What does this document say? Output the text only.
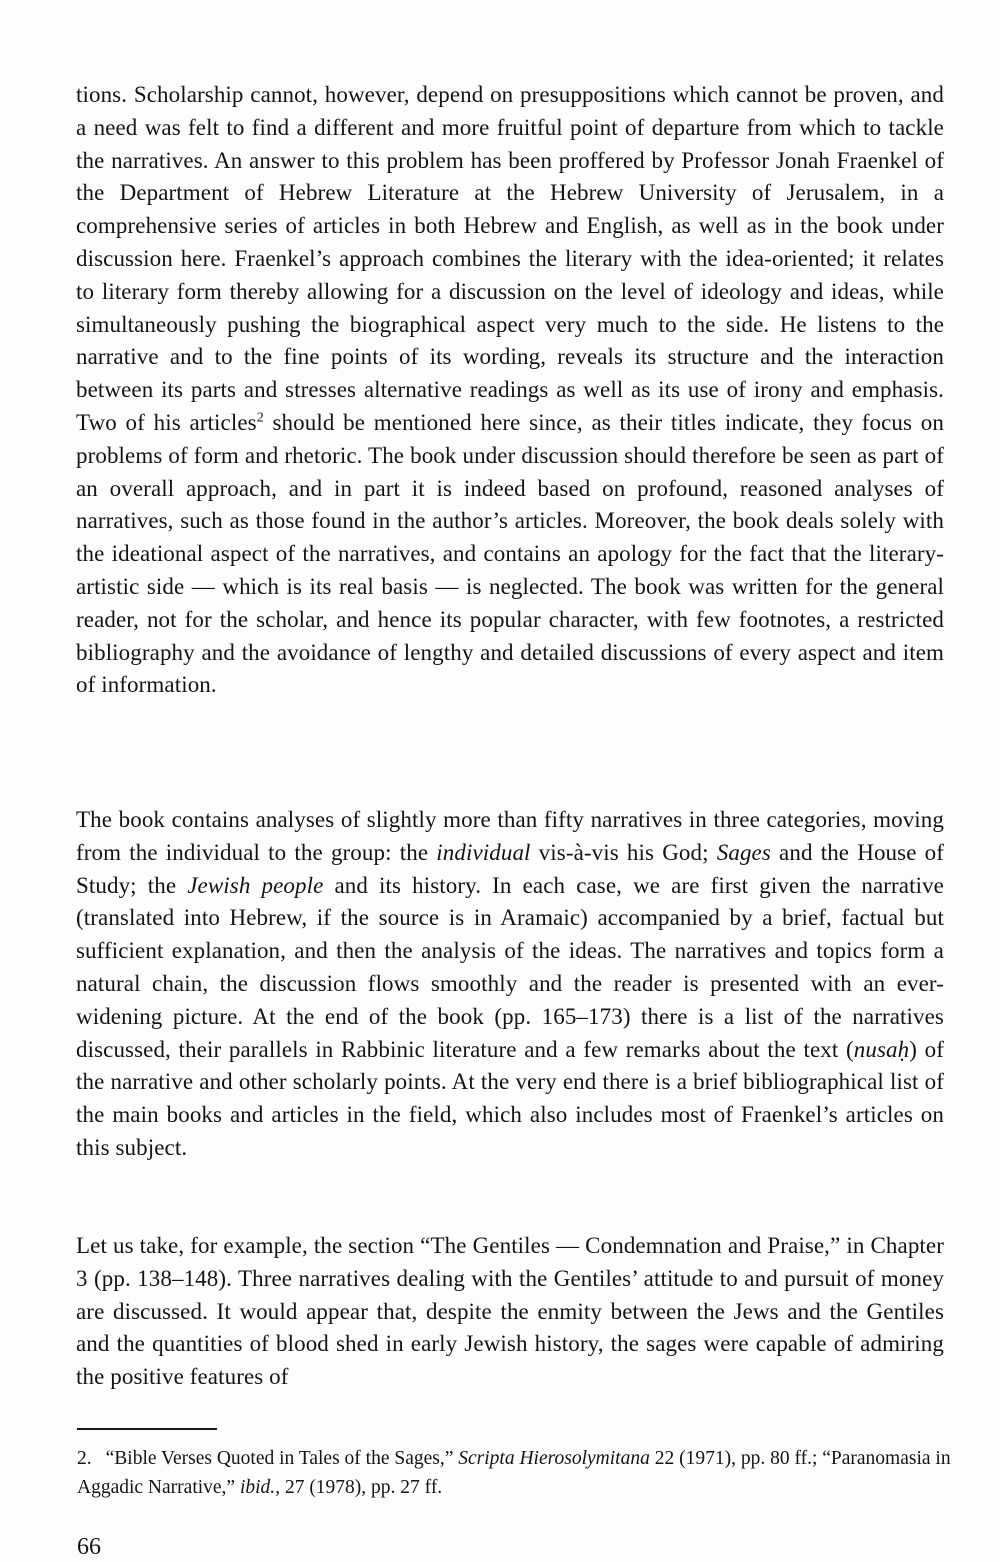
tions. Scholarship cannot, however, depend on presuppositions which cannot be proven, and a need was felt to find a different and more fruitful point of departure from which to tackle the narratives. An answer to this problem has been proffered by Professor Jonah Fraenkel of the Department of Hebrew Literature at the Hebrew University of Jerusalem, in a comprehensive series of articles in both Hebrew and English, as well as in the book under discussion here. Fraenkel’s approach combines the literary with the idea-oriented; it relates to literary form thereby allowing for a discussion on the level of ideology and ideas, while simultaneously pushing the biographical aspect very much to the side. He listens to the narrative and to the fine points of its wording, reveals its structure and the interaction between its parts and stresses alternative readings as well as its use of irony and emphasis. Two of his articles$^2$ should be mentioned here since, as their titles indicate, they focus on problems of form and rhetoric. The book under discussion should therefore be seen as part of an overall approach, and in part it is indeed based on profound, reasoned analyses of narratives, such as those found in the author’s articles. Moreover, the book deals solely with the ideational aspect of the narratives, and contains an apology for the fact that the literary-artistic side — which is its real basis — is neglected. The book was written for the general reader, not for the scholar, and hence its popular character, with few footnotes, a restricted bibliography and the avoidance of lengthy and detailed discussions of every aspect and item of information.

The book contains analyses of slightly more than fifty narratives in three categories, moving from the individual to the group: the individual vis-à-vis his God; Sages and the House of Study; the Jewish people and its history. In each case, we are first given the narrative (translated into Hebrew, if the source is in Aramaic) accompanied by a brief, factual but sufficient explanation, and then the analysis of the ideas. The narratives and topics form a natural chain, the discussion flows smoothly and the reader is presented with an ever-widening picture. At the end of the book (pp. 165–173) there is a list of the narratives discussed, their parallels in Rabbinic literature and a few remarks about the text (nusaḥ) of the narrative and other scholarly points. At the very end there is a brief bibliographical list of the main books and articles in the field, which also includes most of Fraenkel’s articles on this subject.

Let us take, for example, the section “The Gentiles — Condemnation and Praise,” in Chapter 3 (pp. 138–148). Three narratives dealing with the Gentiles’ attitude to and pursuit of money are discussed. It would appear that, despite the enmity between the Jews and the Gentiles and the quantities of blood shed in early Jewish history, the sages were capable of admiring the positive features of

2. “Bible Verses Quoted in Tales of the Sages,” Scripta Hierosolymitana 22 (1971), pp. 80 ff.; “Paranomasia in Aggadic Narrative,” ibid., 27 (1978), pp. 27 ff.

66
